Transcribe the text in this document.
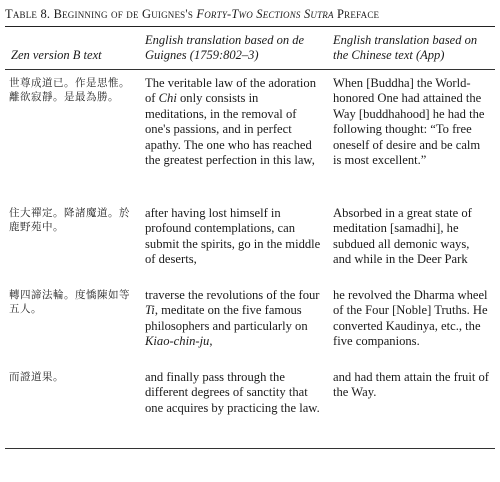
Table 8. Beginning of de Guignes's Forty-Two Sections Sutra Preface

Zen version B text	English translation based on de Guignes (1759:802–3)	English translation based on the Chinese text (App)
世尊成道已。作是思惟。離欲寂靜。是最為勝。	The veritable law of the adoration of Chi only consists in meditations, in the removal of one's passions, and in perfect apathy. The one who has reached the greatest perfection in this law,	When [Buddha] the World-honored One had attained the Way [buddhahood] he had the following thought: “To free oneself of desire and be calm is most excellent.”
住大禪定。降諸魔道。於鹿野苑中。	after having lost himself in profound contemplations, can submit the spirits, go in the middle of deserts,	Absorbed in a great state of meditation [samadhi], he subdued all demonic ways, and while in the Deer Park
轉四諦法輪。度憍陳如等五人。	traverse the revolutions of the four Ti, meditate on the five famous philosophers and particularly on Kiao-chin-ju,	he revolved the Dharma wheel of the Four [Noble] Truths. He converted Kaudinya, etc., the five companions.
而證道果。	and finally pass through the different degrees of sanctity that one acquires by practicing the law.	and had them attain the fruit of the Way.
